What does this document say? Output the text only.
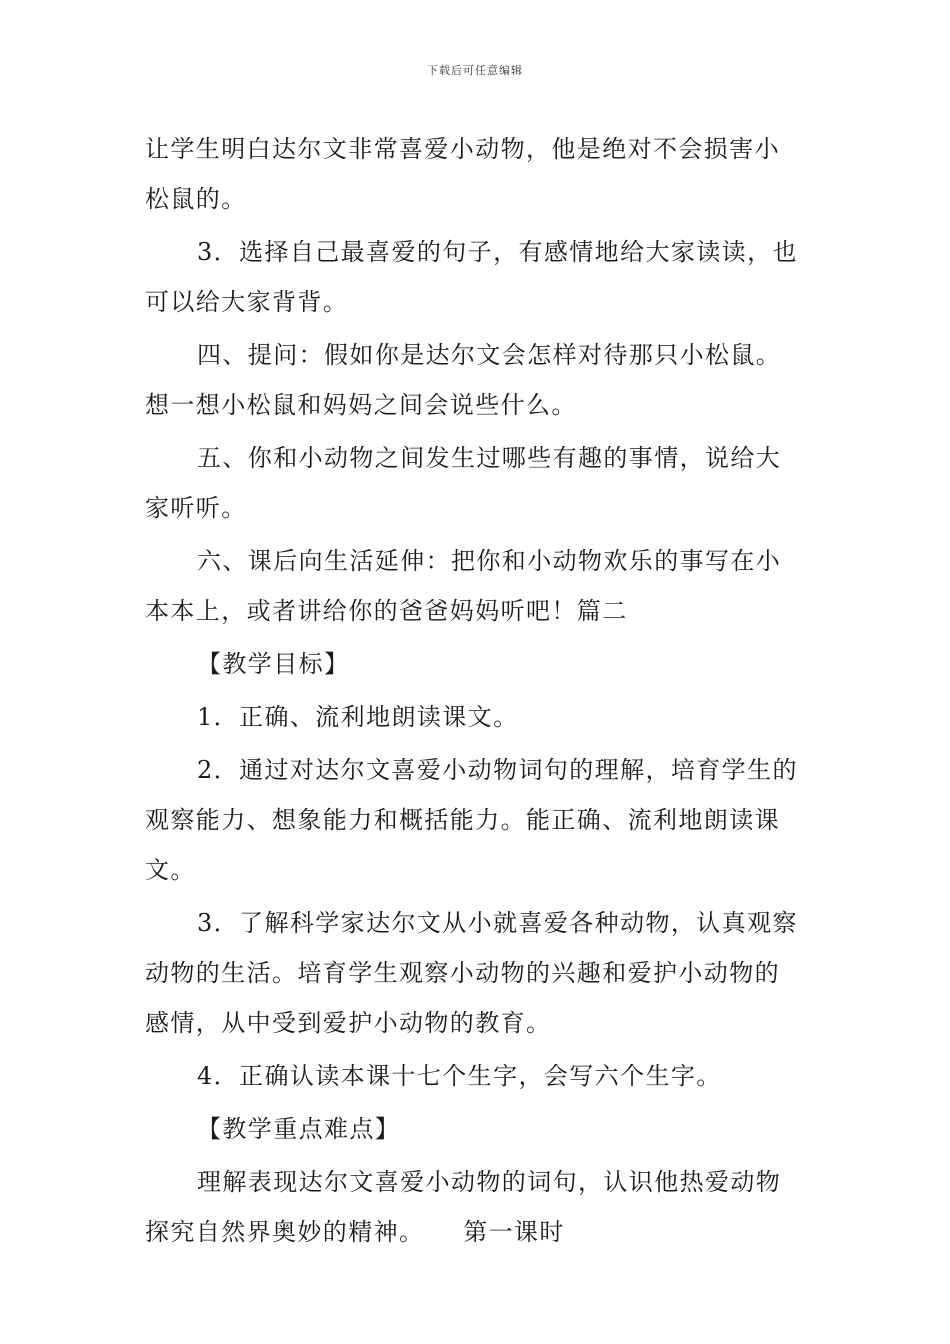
下载后可任意编辑
让学生明白达尔文非常喜爱小动物，他是绝对不会损害小
松鼠的。
3．选择自己最喜爱的句子，有感情地给大家读读，也
可以给大家背背。
四、提问：假如你是达尔文会怎样对待那只小松鼠。
想一想小松鼠和妈妈之间会说些什么。
五、你和小动物之间发生过哪些有趣的事情，说给大
家听听。
六、课后向生活延伸：把你和小动物欢乐的事写在小
本本上，或者讲给你的爸爸妈妈听吧！篇二
【教学目标】
1．正确、流利地朗读课文。
2．通过对达尔文喜爱小动物词句的理解，培育学生的
观察能力、想象能力和概括能力。能正确、流利地朗读课
文。
3．了解科学家达尔文从小就喜爱各种动物，认真观察
动物的生活。培育学生观察小动物的兴趣和爱护小动物的
感情，从中受到爱护小动物的教育。
4．正确认读本课十七个生字，会写六个生字。
【教学重点难点】
理解表现达尔文喜爱小动物的词句，认识他热爱动物
探究自然界奥妙的精神。　　第一课时
